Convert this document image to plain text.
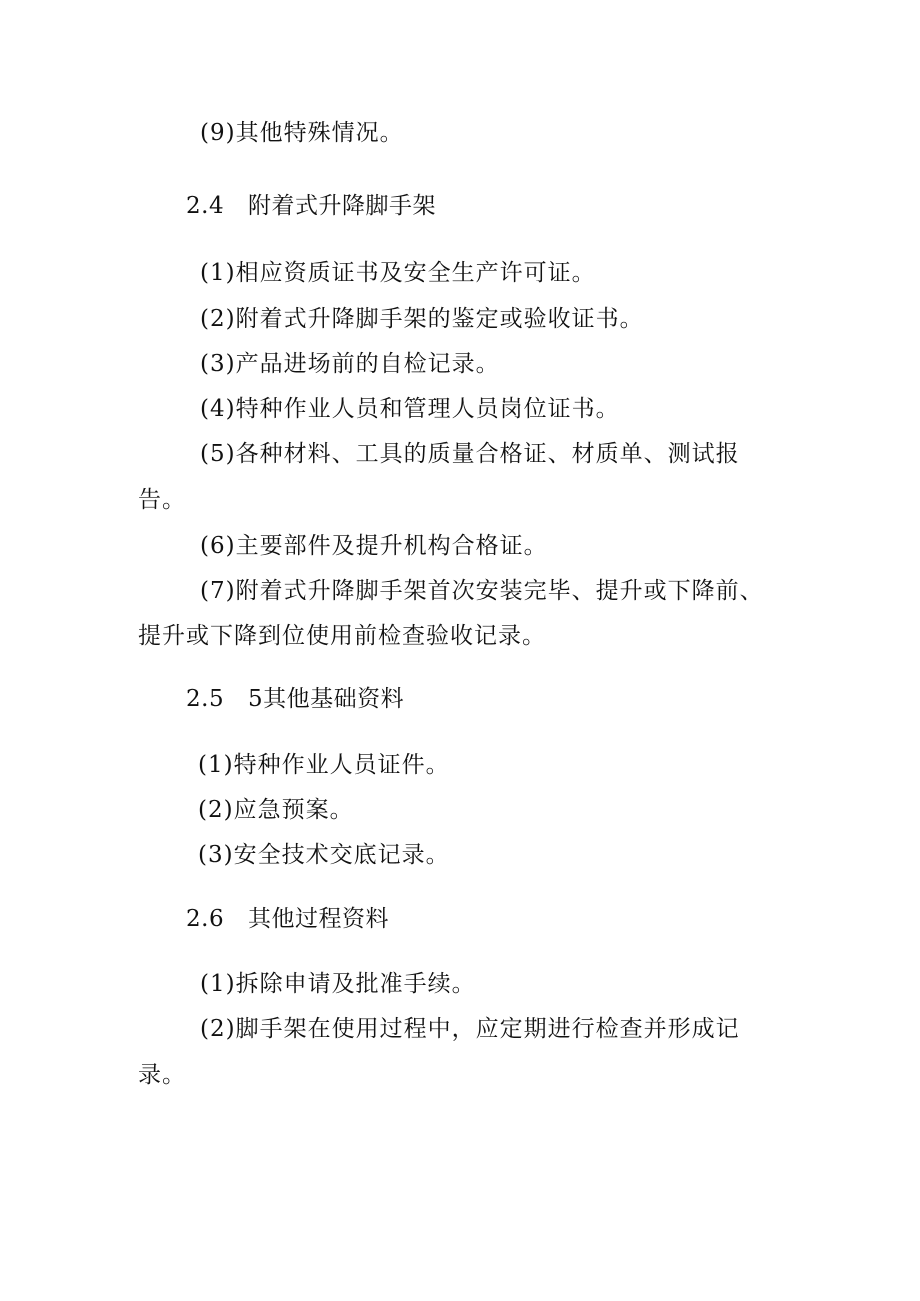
(9)其他特殊情况。
2.4 附着式升降脚手架
(1)相应资质证书及安全生产许可证。
(2)附着式升降脚手架的鉴定或验收证书。
(3)产品进场前的自检记录。
(4)特种作业人员和管理人员岗位证书。
(5)各种材料、工具的质量合格证、材质单、测试报
告。
(6)主要部件及提升机构合格证。
(7)附着式升降脚手架首次安装完毕、提升或下降前、
提升或下降到位使用前检查验收记录。
2.5 5其他基础资料
(1)特种作业人员证件。
(2)应急预案。
(3)安全技术交底记录。
2.6 其他过程资料
(1)拆除申请及批准手续。
(2)脚手架在使用过程中，应定期进行检查并形成记
录。
